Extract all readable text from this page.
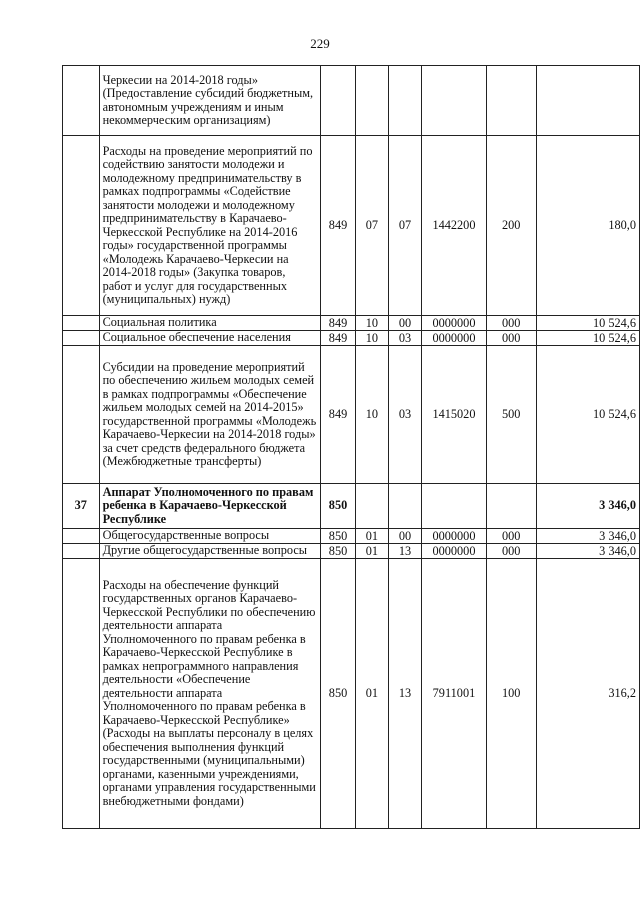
229
	Черкесии на 2014-2018 годы» (Предоставление субсидий бюджетным, автономным учреждениям и иным некоммерческим организациям)						
	Расходы на проведение мероприятий по содействию занятости молодежи и молодежному предпринимательству в рамках подпрограммы «Содействие занятости молодежи и молодежному предпринимательству в Карачаево-Черкесской Республике на 2014-2016 годы» государственной программы «Молодежь Карачаево-Черкесии на 2014-2018 годы» (Закупка товаров, работ и услуг для государственных (муниципальных) нужд)	849	07	07	1442200	200	180,0
	Социальная политика	849	10	00	0000000	000	10 524,6
	Социальное обеспечение населения	849	10	03	0000000	000	10 524,6
	Субсидии на проведение мероприятий по обеспечению жильем молодых семей в рамках подпрограммы «Обеспечение жильем молодых семей на 2014-2015» государственной программы «Молодежь Карачаево-Черкесии на 2014-2018 годы» за счет средств федерального бюджета (Межбюджетные трансферты)	849	10	03	1415020	500	10 524,6
37	Аппарат Уполномоченного по правам ребенка в Карачаево-Черкесской Республике	850					3 346,0
	Общегосударственные вопросы	850	01	00	0000000	000	3 346,0
	Другие общегосударственные вопросы	850	01	13	0000000	000	3 346,0
	Расходы на обеспечение функций государственных органов Карачаево-Черкесской Республики по обеспечению деятельности аппарата Уполномоченного по правам ребенка в Карачаево-Черкесской Республике в рамках непрограммного направления деятельности «Обеспечение деятельности аппарата Уполномоченного по правам ребенка в Карачаево-Черкесской Республике» (Расходы на выплаты персоналу в целях обеспечения выполнения функций государственными (муниципальными) органами, казенными учреждениями, органами управления государственными внебюджетными фондами)	850	01	13	7911001	100	316,2
